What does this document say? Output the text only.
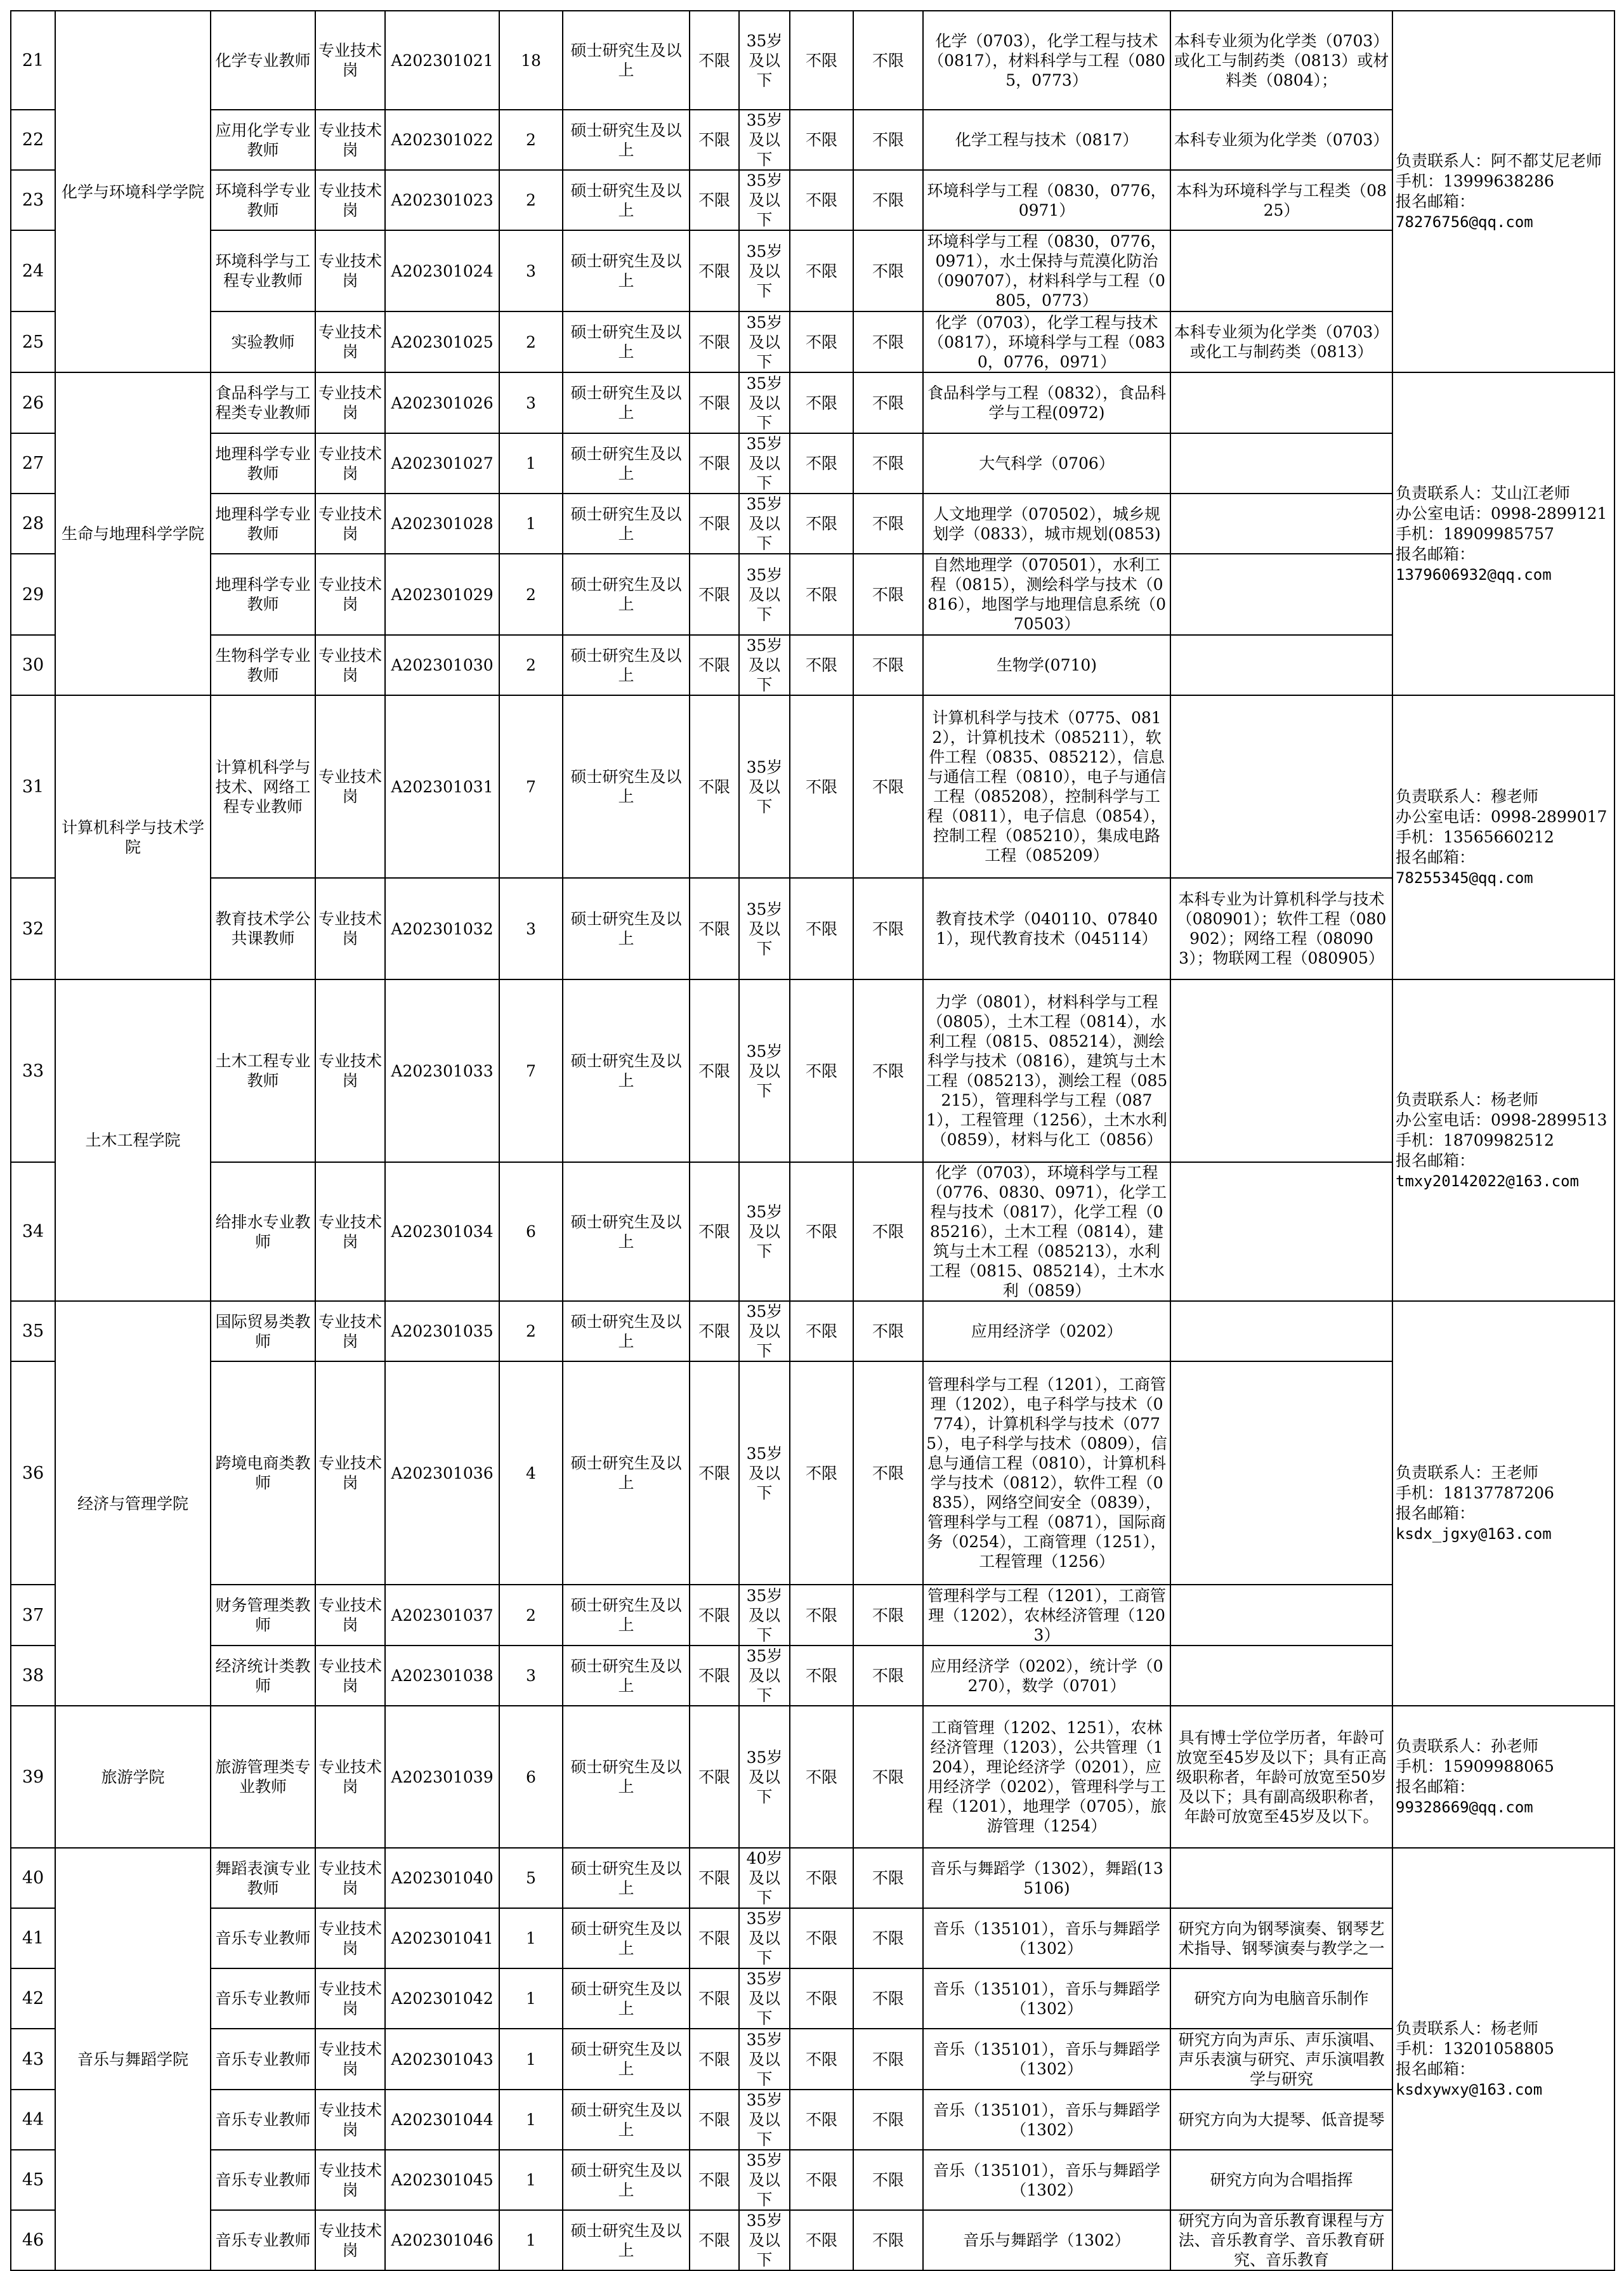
21	化学与环境科学学院	化学专业教师	专业技术岗	A202301021	18	硕士研究生及以上	不限	35岁及以下	不限	不限	化学（0703），化学工程与技术（0817），材料科学与工程（0805，0773）	本科专业须为化学类（0703）或化工与制药类（0813）或材料类（0804）；	负责联系人：阿不都艾尼老师
手机：13999638286
报名邮箱：
78276756@qq.com

22		应用化学专业教师	专业技术岗	A202301022	2	硕士研究生及以上	不限	35岁及以下	不限	不限	化学工程与技术（0817）	本科专业须为化学类（0703）	
23		环境科学专业教师	专业技术岗	A202301023	2	硕士研究生及以上	不限	35岁及以下	不限	不限	环境科学与工程（0830，0776，0971）	本科为环境科学与工程类（0825）	
24		环境科学与工程专业教师	专业技术岗	A202301024	3	硕士研究生及以上	不限	35岁及以下	不限	不限	环境科学与工程（0830，0776，0971），水土保持与荒漠化防治（090707），材料科学与工程（0805，0773）		
25		实验教师	专业技术岗	A202301025	2	硕士研究生及以上	不限	35岁及以下	不限	不限	化学（0703），化学工程与技术（0817），环境科学与工程（0830，0776，0971）	本科专业须为化学类（0703）或化工与制药类（0813）	
26	生命与地理科学学院	食品科学与工程类专业教师	专业技术岗	A202301026	3	硕士研究生及以上	不限	35岁及以下	不限	不限	食品科学与工程（0832），食品科学与工程(0972)		负责联系人：艾山江老师
办公室电话：0998-2899121
手机：18909985757
报名邮箱：
1379606932@qq.com

27		地理科学专业教师	专业技术岗	A202301027	1	硕士研究生及以上	不限	35岁及以下	不限	不限	大气科学（0706）		
28		地理科学专业教师	专业技术岗	A202301028	1	硕士研究生及以上	不限	35岁及以下	不限	不限	人文地理学（070502），城乡规划学（0833），城市规划(0853)		
29		地理科学专业教师	专业技术岗	A202301029	2	硕士研究生及以上	不限	35岁及以下	不限	不限	自然地理学（070501），水利工程（0815），测绘科学与技术（0816），地图学与地理信息系统（070503）		
30		生物科学专业教师	专业技术岗	A202301030	2	硕士研究生及以上	不限	35岁及以下	不限	不限	生物学(0710)		
31	计算机科学与技术学院	计算机科学与技术、网络工程专业教师	专业技术岗	A202301031	7	硕士研究生及以上	不限	35岁及以下	不限	不限	计算机科学与技术（0775、0812），计算机技术（085211），软件工程（0835、085212），信息与通信工程（0810），电子与通信工程（085208），控制科学与工程（0811），电子信息（0854），控制工程（085210），集成电路工程（085209）		负责联系人：穆老师
办公室电话：0998-2899017
手机：13565660212
报名邮箱：
78255345@qq.com

32		教育技术学公共课教师	专业技术岗	A202301032	3	硕士研究生及以上	不限	35岁及以下	不限	不限	教育技术学（040110、078401），现代教育技术（045114）	本科专业为计算机科学与技术（080901）；软件工程（080902）；网络工程（080903）；物联网工程（080905）	
33	土木工程学院	土木工程专业教师	专业技术岗	A202301033	7	硕士研究生及以上	不限	35岁及以下	不限	不限	力学（0801），材料科学与工程（0805），土木工程（0814），水利工程（0815、085214），测绘科学与技术（0816），建筑与土木工程（085213），测绘工程（085215），管理科学与工程（0871），工程管理（1256），土木水利（0859），材料与化工（0856）		负责联系人：杨老师
办公室电话：0998-2899513
手机：18709982512
报名邮箱：
tmxy20142022@163.com

34		给排水专业教师	专业技术岗	A202301034	6	硕士研究生及以上	不限	35岁及以下	不限	不限	化学（0703），环境科学与工程（0776、0830、0971），化学工程与技术（0817），化学工程（085216），土木工程（0814），建筑与土木工程（085213），水利工程（0815、085214），土木水利（0859）		
35	经济与管理学院	国际贸易类教师	专业技术岗	A202301035	2	硕士研究生及以上	不限	35岁及以下	不限	不限	应用经济学（0202）		负责联系人：王老师
手机：18137787206
报名邮箱：
ksdx_jgxy@163.com

36		跨境电商类教师	专业技术岗	A202301036	4	硕士研究生及以上	不限	35岁及以下	不限	不限	管理科学与工程（1201），工商管理（1202），电子科学与技术（0774），计算机科学与技术（0775），电子科学与技术（0809），信息与通信工程（0810），计算机科学与技术（0812），软件工程（0835），网络空间安全（0839），管理科学与工程（0871），国际商务（0254），工商管理（1251），工程管理（1256）		
37		财务管理类教师	专业技术岗	A202301037	2	硕士研究生及以上	不限	35岁及以下	不限	不限	管理科学与工程（1201），工商管理（1202），农林经济管理（1203）		
38		经济统计类教师	专业技术岗	A202301038	3	硕士研究生及以上	不限	35岁及以下	不限	不限	应用经济学（0202），统计学（0270），数学（0701）		
39	旅游学院	旅游管理类专业教师	专业技术岗	A202301039	6	硕士研究生及以上	不限	35岁及以下	不限	不限	工商管理（1202、1251），农林经济管理（1203），公共管理（1204），理论经济学（0201），应用经济学（0202），管理科学与工程（1201），地理学（0705），旅游管理（1254）	具有博士学位学历者，年龄可放宽至45岁及以下；具有正高级职称者，年龄可放宽至50岁及以下；具有副高级职称者，年龄可放宽至45岁及以下。	负责联系人：孙老师
手机：15909988065
报名邮箱：
99328669@qq.com

40	音乐与舞蹈学院	舞蹈表演专业教师	专业技术岗	A202301040	5	硕士研究生及以上	不限	40岁及以下	不限	不限	音乐与舞蹈学（1302），舞蹈(135106)		负责联系人：杨老师
手机：13201058805
报名邮箱：
ksdxywxy@163.com

41		音乐专业教师	专业技术岗	A202301041	1	硕士研究生及以上	不限	35岁及以下	不限	不限	音乐（135101），音乐与舞蹈学（1302）	研究方向为钢琴演奏、钢琴艺术指导、钢琴演奏与教学之一	
42		音乐专业教师	专业技术岗	A202301042	1	硕士研究生及以上	不限	35岁及以下	不限	不限	音乐（135101），音乐与舞蹈学（1302）	研究方向为电脑音乐制作	
43		音乐专业教师	专业技术岗	A202301043	1	硕士研究生及以上	不限	35岁及以下	不限	不限	音乐（135101），音乐与舞蹈学（1302）	研究方向为声乐、声乐演唱、声乐表演与研究、声乐演唱教学与研究	
44		音乐专业教师	专业技术岗	A202301044	1	硕士研究生及以上	不限	35岁及以下	不限	不限	音乐（135101），音乐与舞蹈学（1302）	研究方向为大提琴、低音提琴	
45		音乐专业教师	专业技术岗	A202301045	1	硕士研究生及以上	不限	35岁及以下	不限	不限	音乐（135101），音乐与舞蹈学（1302）	研究方向为合唱指挥	
46		音乐专业教师	专业技术岗	A202301046	1	硕士研究生及以上	不限	35岁及以下	不限	不限	音乐与舞蹈学（1302）	研究方向为音乐教育课程与方法、音乐教育学、音乐教育研究、音乐教育	
